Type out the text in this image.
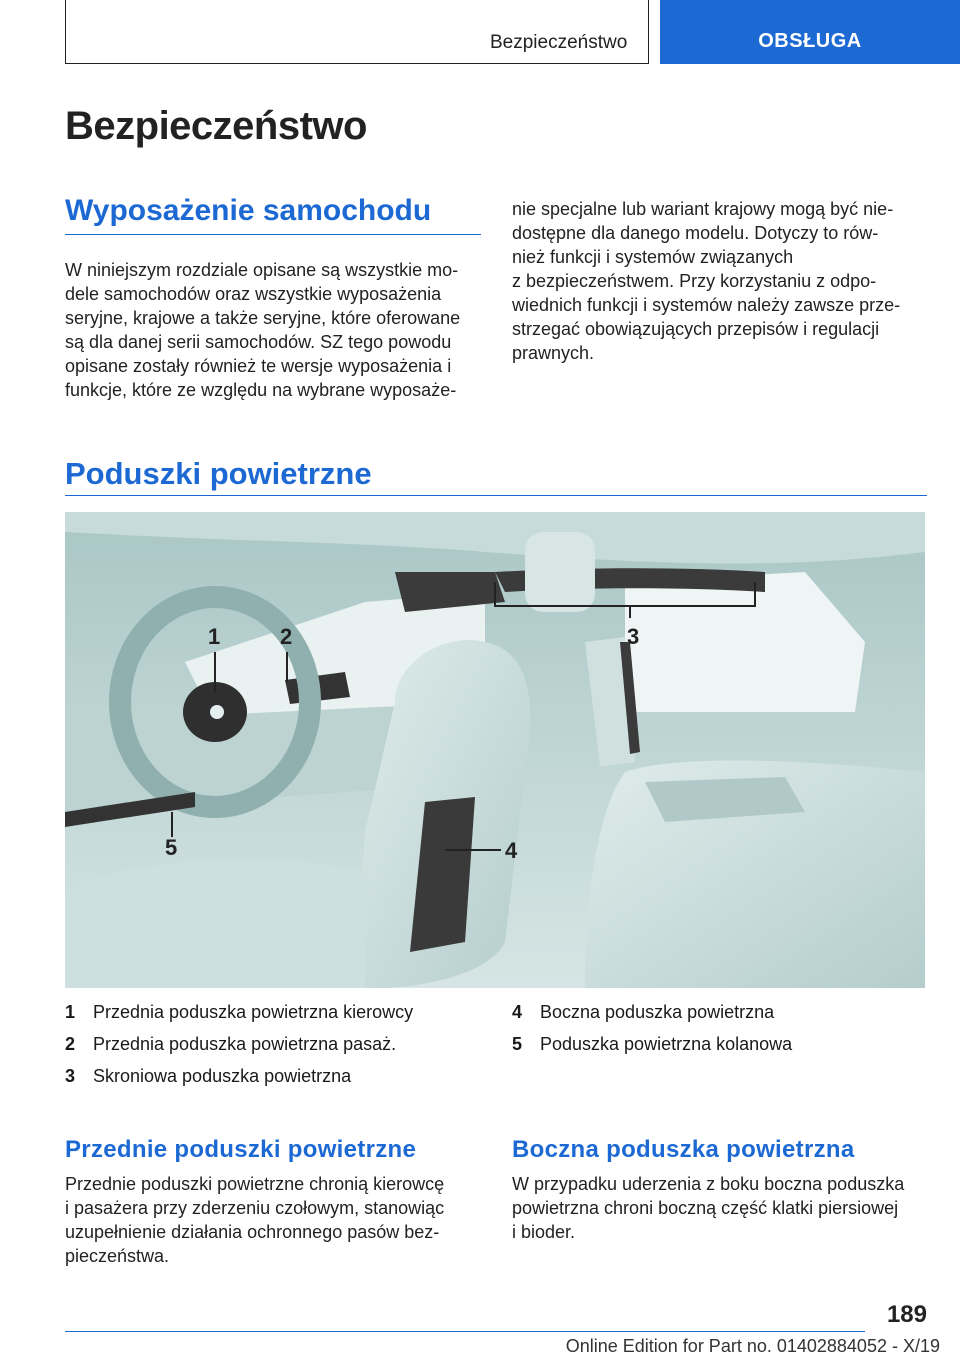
Bezpieczeństwo	OBSŁUGA
Bezpieczeństwo
Wyposażenie samochodu
W niniejszym rozdziale opisane są wszystkie mo‐
dele samochodów oraz wszystkie wyposażenia
seryjne, krajowe a także seryjne, które oferowane
są dla danej serii samochodów. SZ tego powodu
opisane zostały również te wersje wyposażenia i
funkcje, które ze względu na wybrane wyposaże‐
nie specjalne lub wariant krajowy mogą być nie‐
dostępne dla danego modelu. Dotyczy to rów‐
nież funkcji i systemów związanych
z bezpieczeństwem. Przy korzystaniu z odpo‐
wiednich funkcji i systemów należy zawsze prze‐
strzegać obowiązujących przepisów i regulacji
prawnych.
Poduszki powietrzne
1	2	3
4
5
1 Przednia poduszka powietrzna kierowcy
2 Przednia poduszka powietrzna pasaż.
3 Skroniowa poduszka powietrzna
4 Boczna poduszka powietrzna
5 Poduszka powietrzna kolanowa
Przednie poduszki powietrzne
Przednie poduszki powietrzne chronią kierowcę
i pasażera przy zderzeniu czołowym, stanowiąc
uzupełnienie działania ochronnego pasów bez‐
pieczeństwa.
Boczna poduszka powietrzna
W przypadku uderzenia z boku boczna poduszka
powietrzna chroni boczną część klatki piersiowej
i bioder.
189
Online Edition for Part no. 01402884052 - X/19
